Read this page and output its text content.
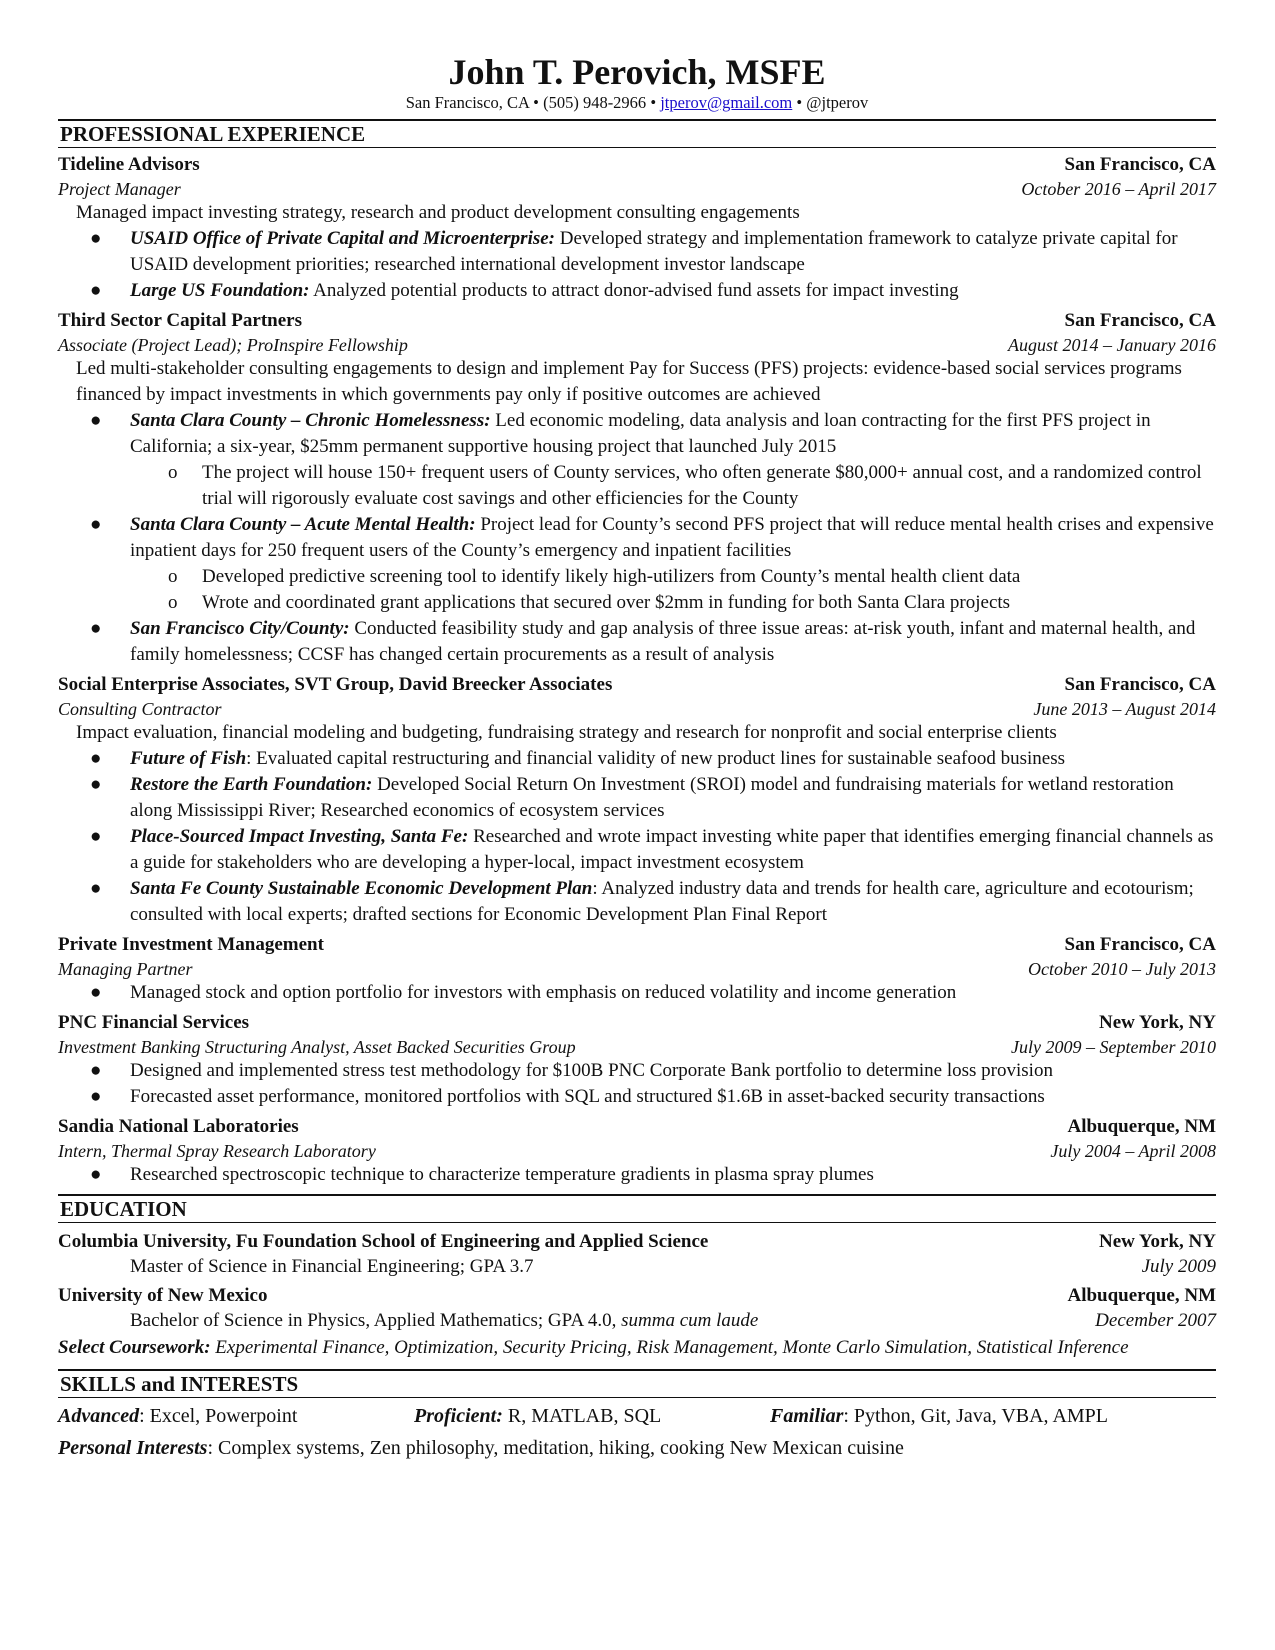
John T. Perovich, MSFE
San Francisco, CA • (505) 948-2966 • jtperov@gmail.com • @jtperov
PROFESSIONAL EXPERIENCE
Tideline Advisors	San Francisco, CA
Project Manager	October 2016 – April 2017
Managed impact investing strategy, research and product development consulting engagements
● USAID Office of Private Capital and Microenterprise: Developed strategy and implementation framework to catalyze private capital for USAID development priorities; researched international development investor landscape
● Large US Foundation: Analyzed potential products to attract donor-advised fund assets for impact investing
Third Sector Capital Partners	San Francisco, CA
Associate (Project Lead); ProInspire Fellowship	August 2014 – January 2016
Led multi-stakeholder consulting engagements to design and implement Pay for Success (PFS) projects: evidence-based social services programs financed by impact investments in which governments pay only if positive outcomes are achieved
● Santa Clara County – Chronic Homelessness: Led economic modeling, data analysis and loan contracting for the first PFS project in California; a six-year, $25mm permanent supportive housing project that launched July 2015
o The project will house 150+ frequent users of County services, who often generate $80,000+ annual cost, and a randomized control trial will rigorously evaluate cost savings and other efficiencies for the County
● Santa Clara County – Acute Mental Health: Project lead for County’s second PFS project that will reduce mental health crises and expensive inpatient days for 250 frequent users of the County’s emergency and inpatient facilities
o Developed predictive screening tool to identify likely high-utilizers from County’s mental health client data
o Wrote and coordinated grant applications that secured over $2mm in funding for both Santa Clara projects
● San Francisco City/County: Conducted feasibility study and gap analysis of three issue areas: at-risk youth, infant and maternal health, and family homelessness; CCSF has changed certain procurements as a result of analysis
Social Enterprise Associates, SVT Group, David Breecker Associates	San Francisco, CA
Consulting Contractor	June 2013 – August 2014
Impact evaluation, financial modeling and budgeting, fundraising strategy and research for nonprofit and social enterprise clients
● Future of Fish: Evaluated capital restructuring and financial validity of new product lines for sustainable seafood business
● Restore the Earth Foundation: Developed Social Return On Investment (SROI) model and fundraising materials for wetland restoration along Mississippi River; Researched economics of ecosystem services
● Place-Sourced Impact Investing, Santa Fe: Researched and wrote impact investing white paper that identifies emerging financial channels as a guide for stakeholders who are developing a hyper-local, impact investment ecosystem
● Santa Fe County Sustainable Economic Development Plan: Analyzed industry data and trends for health care, agriculture and ecotourism; consulted with local experts; drafted sections for Economic Development Plan Final Report
Private Investment Management	San Francisco, CA
Managing Partner	October 2010 – July 2013
● Managed stock and option portfolio for investors with emphasis on reduced volatility and income generation
PNC Financial Services	New York, NY
Investment Banking Structuring Analyst, Asset Backed Securities Group	July 2009 – September 2010
● Designed and implemented stress test methodology for $100B PNC Corporate Bank portfolio to determine loss provision
● Forecasted asset performance, monitored portfolios with SQL and structured $1.6B in asset-backed security transactions
Sandia National Laboratories	Albuquerque, NM
Intern, Thermal Spray Research Laboratory	July 2004 – April 2008
● Researched spectroscopic technique to characterize temperature gradients in plasma spray plumes
EDUCATION
Columbia University, Fu Foundation School of Engineering and Applied Science	New York, NY
Master of Science in Financial Engineering; GPA 3.7	July 2009
University of New Mexico	Albuquerque, NM
Bachelor of Science in Physics, Applied Mathematics; GPA 4.0, summa cum laude	December 2007
Select Coursework: Experimental Finance, Optimization, Security Pricing, Risk Management, Monte Carlo Simulation, Statistical Inference
SKILLS and INTERESTS
Advanced: Excel, Powerpoint	Proficient: R, MATLAB, SQL	Familiar: Python, Git, Java, VBA, AMPL
Personal Interests: Complex systems, Zen philosophy, meditation, hiking, cooking New Mexican cuisine
